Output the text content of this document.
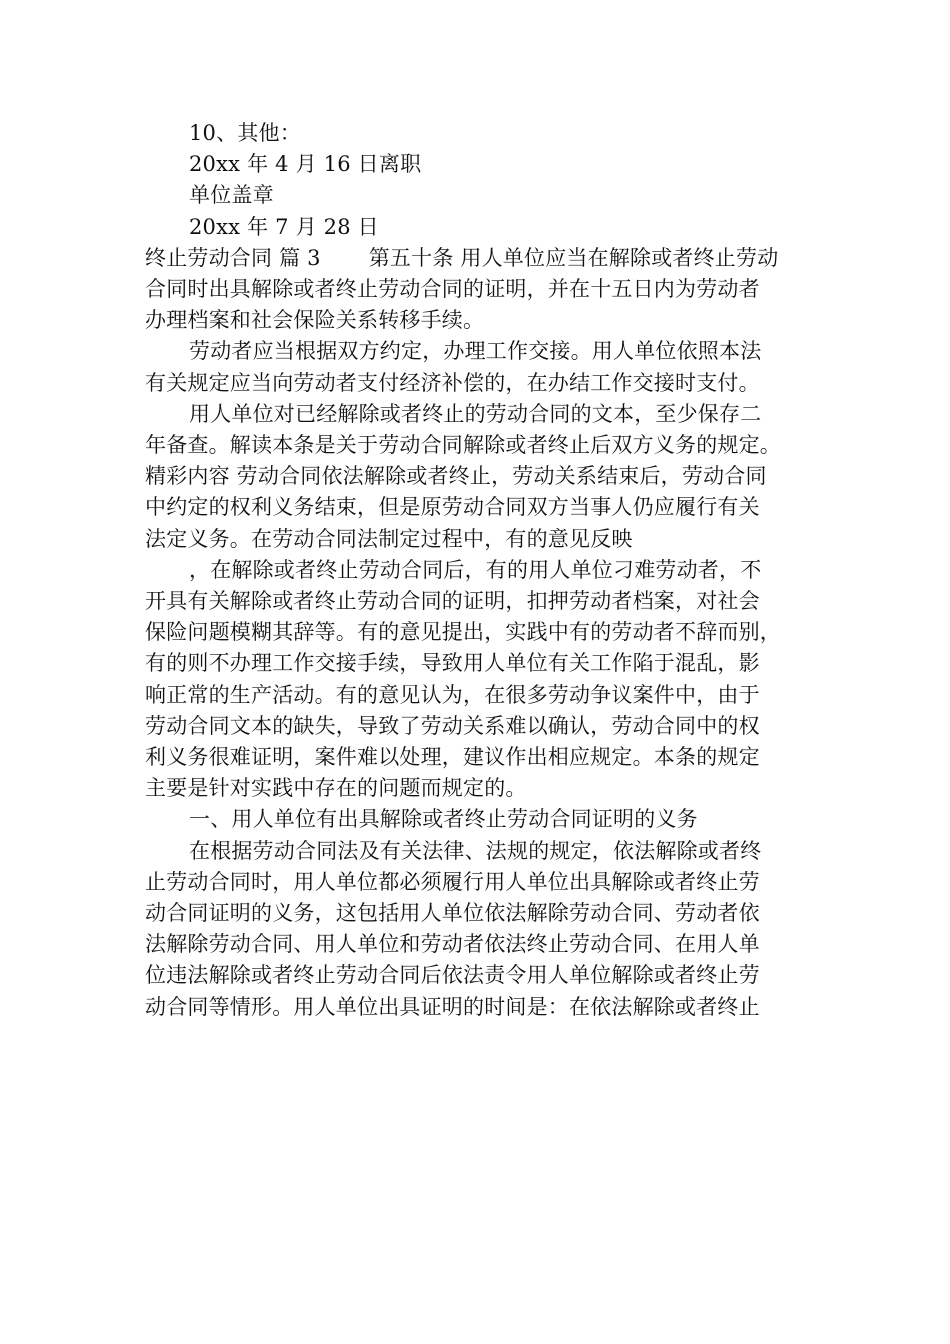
10、其他：
20xx 年 4 月 16 日离职
单位盖章
20xx 年 7 月 28 日
终止劳动合同 篇 3 第五十条 用人单位应当在解除或者终止劳动
合同时出具解除或者终止劳动合同的证明，并在十五日内为劳动者
办理档案和社会保险关系转移手续。
劳动者应当根据双方约定，办理工作交接。用人单位依照本法
有关规定应当向劳动者支付经济补偿的，在办结工作交接时支付。
用人单位对已经解除或者终止的劳动合同的文本，至少保存二
年备查。解读本条是关于劳动合同解除或者终止后双方义务的规定。
精彩内容 劳动合同依法解除或者终止，劳动关系结束后，劳动合同
中约定的权利义务结束，但是原劳动合同双方当事人仍应履行有关
法定义务。在劳动合同法制定过程中，有的意见反映
，在解除或者终止劳动合同后，有的用人单位刁难劳动者，不
开具有关解除或者终止劳动合同的证明，扣押劳动者档案，对社会
保险问题模糊其辞等。有的意见提出，实践中有的劳动者不辞而别，
有的则不办理工作交接手续，导致用人单位有关工作陷于混乱，影
响正常的生产活动。有的意见认为，在很多劳动争议案件中，由于
劳动合同文本的缺失，导致了劳动关系难以确认，劳动合同中的权
利义务很难证明，案件难以处理，建议作出相应规定。本条的规定
主要是针对实践中存在的问题而规定的。
一、用人单位有出具解除或者终止劳动合同证明的义务
在根据劳动合同法及有关法律、法规的规定，依法解除或者终
止劳动合同时，用人单位都必须履行用人单位出具解除或者终止劳
动合同证明的义务，这包括用人单位依法解除劳动合同、劳动者依
法解除劳动合同、用人单位和劳动者依法终止劳动合同、在用人单
位违法解除或者终止劳动合同后依法责令用人单位解除或者终止劳
动合同等情形。用人单位出具证明的时间是：在依法解除或者终止
